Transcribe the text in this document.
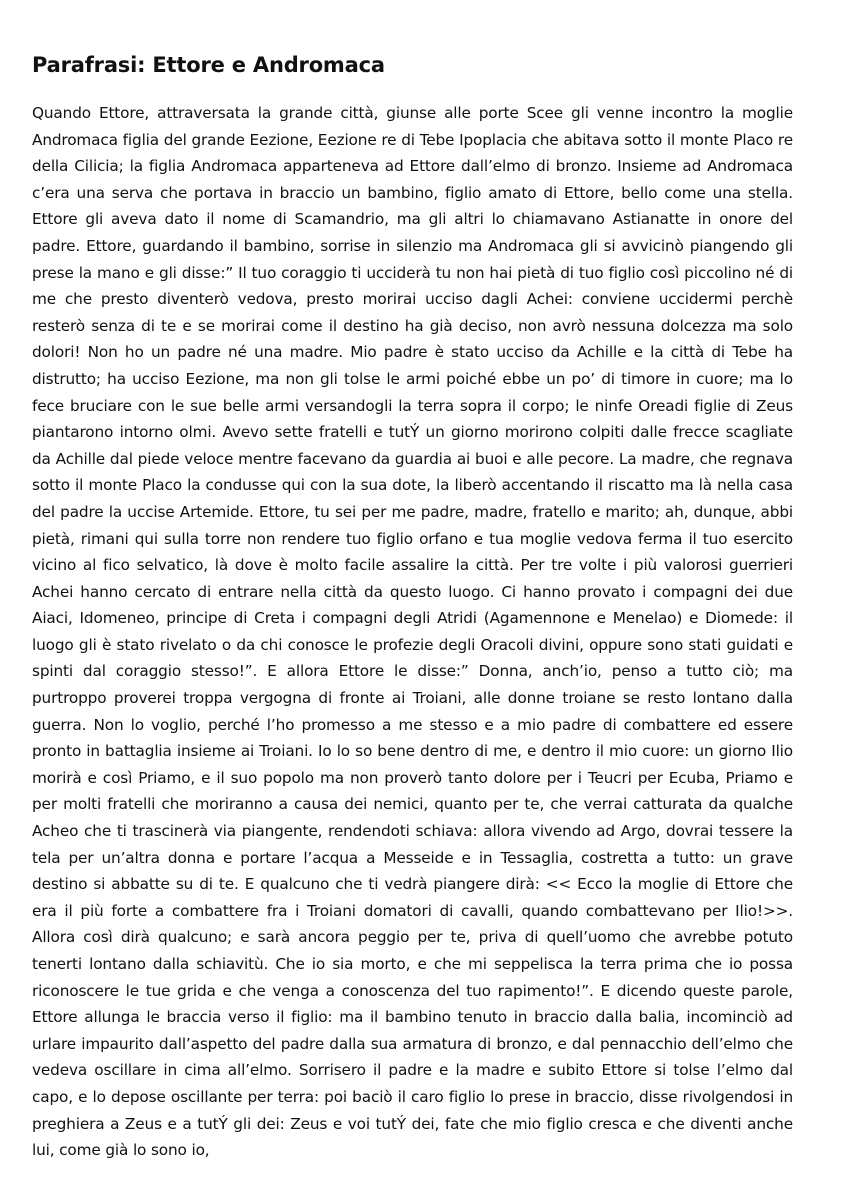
Parafrasi: Ettore e Andromaca

Quando Ettore, attraversata la grande città, giunse alle porte Scee gli venne incontro la moglie Andromaca figlia del grande Eezione, Eezione re di Tebe Ipoplacia che abitava sotto il monte Placo re della Cilicia; la figlia Andromaca apparteneva ad Ettore dall’elmo di bronzo. Insieme ad Andromaca c’era una serva che portava in braccio un bambino, figlio amato di Ettore, bello come una stella. Ettore gli aveva dato il nome di Scamandrio, ma gli altri lo chiamavano Astianatte in onore del padre. Ettore, guardando il bambino, sorrise in silenzio ma Andromaca gli si avvicinò piangendo gli prese la mano e gli disse:” Il tuo coraggio ti ucciderà tu non hai pietà di tuo figlio così piccolino né di me che presto diventerò vedova, presto morirai ucciso dagli Achei: conviene uccidermi perchè resterò senza di te e se morirai come il destino ha già deciso, non avrò nessuna dolcezza ma solo dolori! Non ho un padre né una madre. Mio padre è stato ucciso da Achille e la città di Tebe ha distrutto; ha ucciso Eezione, ma non gli tolse le armi poiché ebbe un po’ di timore in cuore; ma lo fece bruciare con le sue belle armi versandogli la terra sopra il corpo; le ninfe Oreadi figlie di Zeus piantarono intorno olmi. Avevo sette fratelli e tutÝ un giorno morirono colpiti dalle frecce scagliate da Achille dal piede veloce mentre facevano da guardia ai buoi e alle pecore. La madre, che regnava sotto il monte Placo la condusse qui con la sua dote, la liberò accentando il riscatto ma là nella casa del padre la uccise Artemide. Ettore, tu sei per me padre, madre, fratello e marito; ah, dunque, abbi pietà, rimani qui sulla torre non rendere tuo figlio orfano e tua moglie vedova ferma il tuo esercito vicino al fico selvatico, là dove è molto facile assalire la città. Per tre volte i più valorosi guerrieri Achei hanno cercato di entrare nella città da questo luogo. Ci hanno provato i compagni dei due Aiaci, Idomeneo, principe di Creta i compagni degli Atridi (Agamennone e Menelao) e Diomede: il luogo gli è stato rivelato o da chi conosce le profezie degli Oracoli divini, oppure sono stati guidati e spinti dal coraggio stesso!”. E allora Ettore le disse:” Donna, anch’io, penso a tutto ciò; ma purtroppo proverei troppa vergogna di fronte ai Troiani, alle donne troiane se resto lontano dalla guerra. Non lo voglio, perché l’ho promesso a me stesso e a mio padre di combattere ed essere pronto in battaglia insieme ai Troiani. Io lo so bene dentro di me, e dentro il mio cuore: un giorno Ilio morirà e così Priamo, e il suo popolo ma non proverò tanto dolore per i Teucri per Ecuba, Priamo e per molti fratelli che moriranno a causa dei nemici, quanto per te, che verrai catturata da qualche Acheo che ti trascinerà via piangente, rendendoti schiava: allora vivendo ad Argo, dovrai tessere la tela per un’altra donna e portare l’acqua a Messeide e in Tessaglia, costretta a tutto: un grave destino si abbatte su di te. E qualcuno che ti vedrà piangere dirà: << Ecco la moglie di Ettore che era il più forte a combattere fra i Troiani domatori di cavalli, quando combattevano per Ilio!>>. Allora così dirà qualcuno; e sarà ancora peggio per te, priva di quell’uomo che avrebbe potuto tenerti lontano dalla schiavitù. Che io sia morto, e che mi seppelisca la terra prima che io possa riconoscere le tue grida e che venga a conoscenza del tuo rapimento!”. E dicendo queste parole, Ettore allunga le braccia verso il figlio: ma il bambino tenuto in braccio dalla balia, incominciò ad urlare impaurito dall’aspetto del padre dalla sua armatura di bronzo, e dal pennacchio dell’elmo che vedeva oscillare in cima all’elmo. Sorrisero il padre e la madre e subito Ettore si tolse l’elmo dal capo, e lo depose oscillante per terra: poi baciò il caro figlio lo prese in braccio, disse rivolgendosi in preghiera a Zeus e a tutÝ gli dei: Zeus e voi tutÝ dei, fate che mio figlio cresca e che diventi anche lui, come già lo sono io,
